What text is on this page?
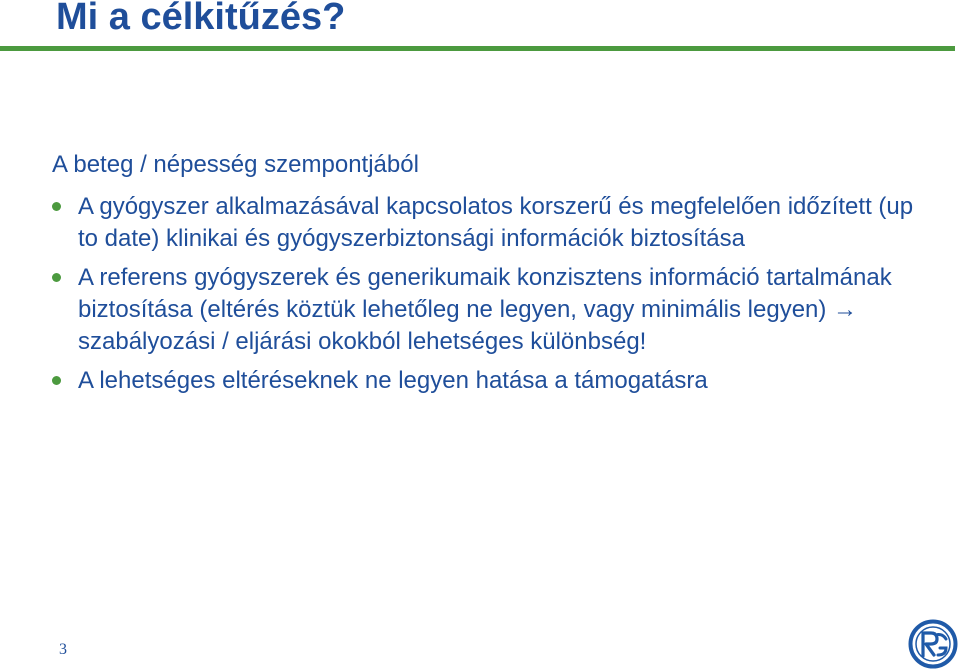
Mi a célkitűzés?

A beteg / népesség szempontjából

A gyógyszer alkalmazásával kapcsolatos korszerű és megfelelően időzített (up to date) klinikai és gyógyszerbiztonsági információk biztosítása
A referens gyógyszerek és generikumaik konzisztens információ tartalmának biztosítása (eltérés köztük lehetőleg ne legyen, vagy minimális legyen) → szabályozási / eljárási okokból lehetséges különbség!
A lehetséges eltéréseknek ne legyen hatása a támogatásra
3
